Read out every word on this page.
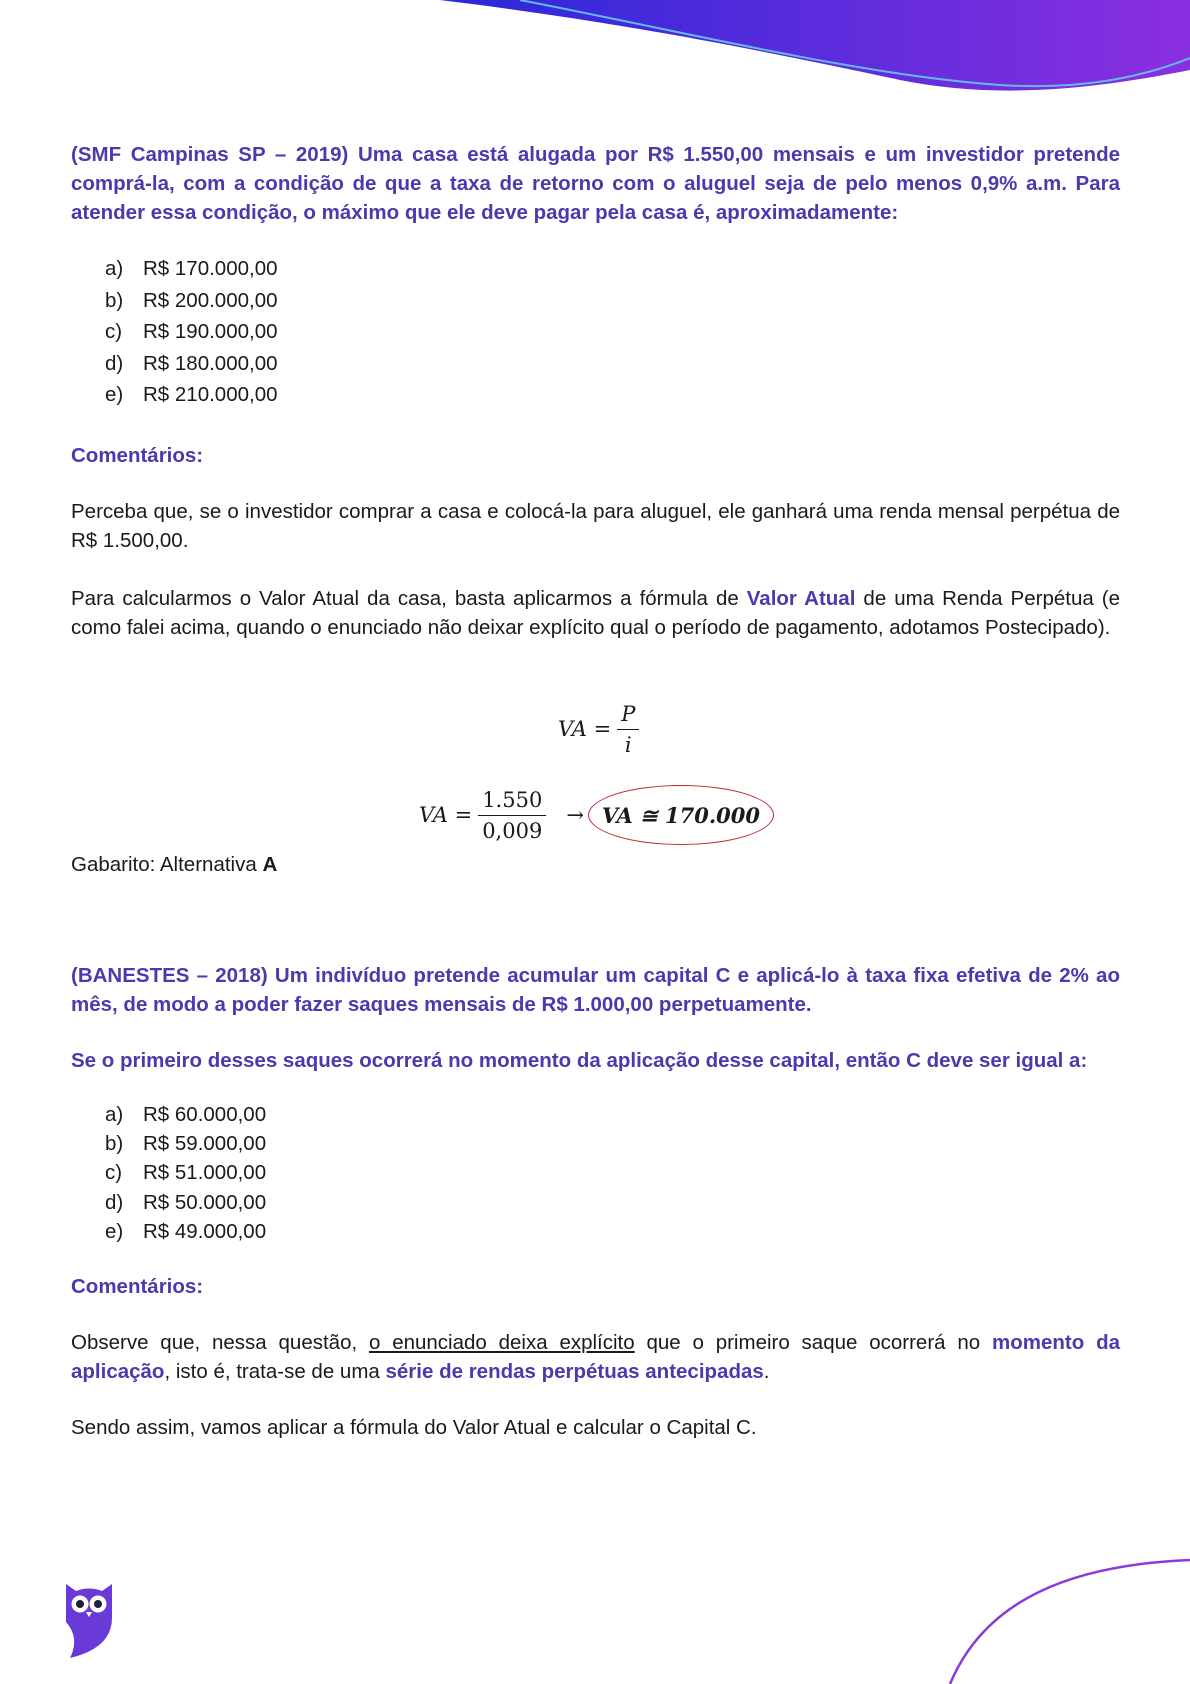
(SMF Campinas SP – 2019) Uma casa está alugada por R$ 1.550,00 mensais e um investidor pretende comprá-la, com a condição de que a taxa de retorno com o aluguel seja de pelo menos 0,9% a.m. Para atender essa condição, o máximo que ele deve pagar pela casa é, aproximadamente:

a) R$ 170.000,00
b) R$ 200.000,00
c) R$ 190.000,00
d) R$ 180.000,00
e) R$ 210.000,00

Comentários:

Perceba que, se o investidor comprar a casa e colocá-la para aluguel, ele ganhará uma renda mensal perpétua de R$ 1.500,00.

Para calcularmos o Valor Atual da casa, basta aplicarmos a fórmula de Valor Atual de uma Renda Perpétua (e como falei acima, quando o enunciado não deixar explícito qual o período de pagamento, adotamos Postecipado).

VA = $\frac{P}{i}$
VA = $\frac{1.550}{0,009}$ → VA ≅ 170.000

Gabarito: Alternativa A

(BANESTES – 2018) Um indivíduo pretende acumular um capital C e aplicá-lo à taxa fixa efetiva de 2% ao mês, de modo a poder fazer saques mensais de R$ 1.000,00 perpetuamente.

Se o primeiro desses saques ocorrerá no momento da aplicação desse capital, então C deve ser igual a:

a) R$ 60.000,00
b) R$ 59.000,00
c) R$ 51.000,00
d) R$ 50.000,00
e) R$ 49.000,00

Comentários:

Observe que, nessa questão, o enunciado deixa explícito que o primeiro saque ocorrerá no momento da aplicação, isto é, trata-se de uma série de rendas perpétuas antecipadas.

Sendo assim, vamos aplicar a fórmula do Valor Atual e calcular o Capital C.
